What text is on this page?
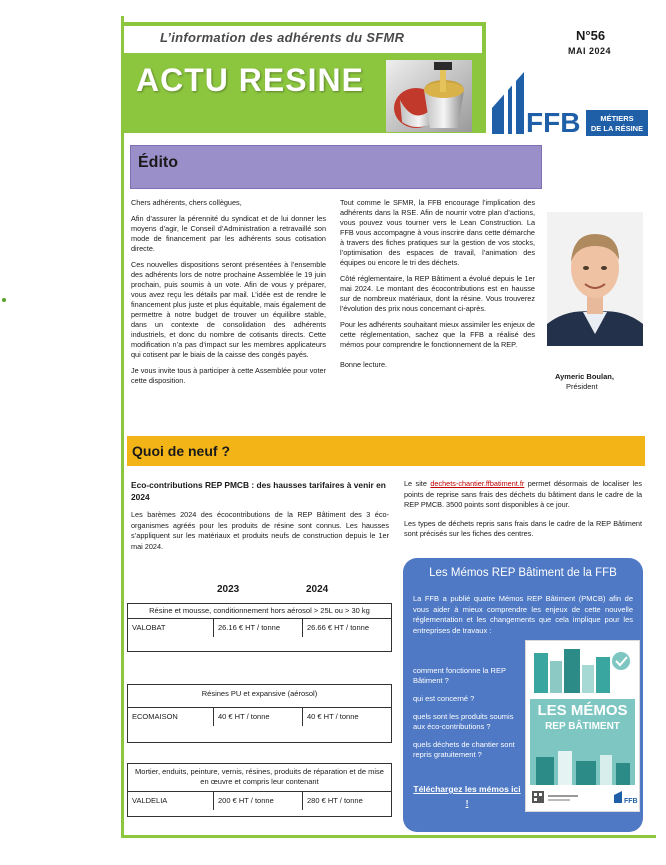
L’information des adhérents du SFMR
ACTU RESINE
N°56
MAI 2024
FFB	MÉTIERS
DE LA RÉSINE
Édito

Chers adhérents, chers collègues,

Afin d’assurer la pérennité du syndicat et de lui donner les moyens d’agir, le Conseil d’Administration a retravaillé son mode de financement par les adhérents sous cotisation directe.

Ces nouvelles dispositions seront présentées à l’ensemble des adhérents lors de notre prochaine Assemblée le 19 juin prochain, puis soumis à un vote. Afin de vous y préparer, vous avez reçu les détails par mail. L’idée est de rendre le financement plus juste et plus équitable, mais également de permettre à notre budget de trouver un équilibre stable, dans un contexte de consolidation des adhérents industriels, et donc du nombre de cotisants directs. Cette modification n’a pas d’impact sur les membres applicateurs qui cotisent par le biais de la caisse des congés payés.

Je vous invite tous à participer à cette Assemblée pour voter cette disposition.

Tout comme le SFMR, la FFB encourage l’implication des adhérents dans la RSE. Afin de nourrir votre plan d’actions, vous pouvez vous tourner vers le Lean Construction. La FFB vous accompagne à vous inscrire dans cette démarche à travers des fiches pratiques sur la gestion de vos stocks, l’optimisation des espaces de travail, l’animation des équipes ou encore le tri des déchets.

Côté réglementaire, la REP Bâtiment a évolué depuis le 1er mai 2024. Le montant des écocontributions est en hausse sur de nombreux matériaux, dont la résine. Vous trouverez l’évolution des prix nous concernant ci-après.

Pour les adhérents souhaitant mieux assimiler les enjeux de cette réglementation, sachez que la FFB a réalisé des mémos pour comprendre le fonctionnement de la REP.

Bonne lecture.

Aymeric Boulan,
Président
Quoi de neuf ?
Eco-contributions REP PMCB : des hausses tarifaires à venir en 2024
Les barèmes 2024 des écocontributions de la REP Bâtiment des 3 éco-organismes agréés pour les produits de résine sont connus. Les hausses s’appliquent sur les matériaux et produits neufs de construction depuis le 1er mai 2024.

Le site dechets-chantier.ffbatiment.fr permet désormais de localiser les points de reprise sans frais des déchets du bâtiment dans le cadre de la REP PMCB. 3500 points sont disponibles à ce jour.

Les types de déchets repris sans frais dans le cadre de la REP Bâtiment sont précisés sur les fiches des centres.

2023	2024
Résine et mousse, conditionnement hors aérosol > 25L ou > 30 kg
VALOBAT	26.16 € HT / tonne	26.66 € HT / tonne
Résines PU et expansive (aérosol)
ECOMAISON	40 € HT / tonne	40 € HT / tonne
Mortier, enduits, peinture, vernis, résines, produits de réparation et de mise en œuvre et compris leur contenant
VALDELIA	200 € HT / tonne	280 € HT / tonne
Les Mémos REP Bâtiment de la FFB
La FFB a publié quatre Mémos REP Bâtiment (PMCB) afin de vous aider à mieux comprendre les enjeux de cette nouvelle réglementation et les changements que cela implique pour les entreprises de travaux :
comment fonctionne la REP Bâtiment ?
qui est concerné ?
quels sont les produits soumis aux éco-contributions ?
quels déchets de chantier sont repris gratuitement ?
Téléchargez les mémos ici !
LES MÉMOS
REP BÂTIMENT
FFB
